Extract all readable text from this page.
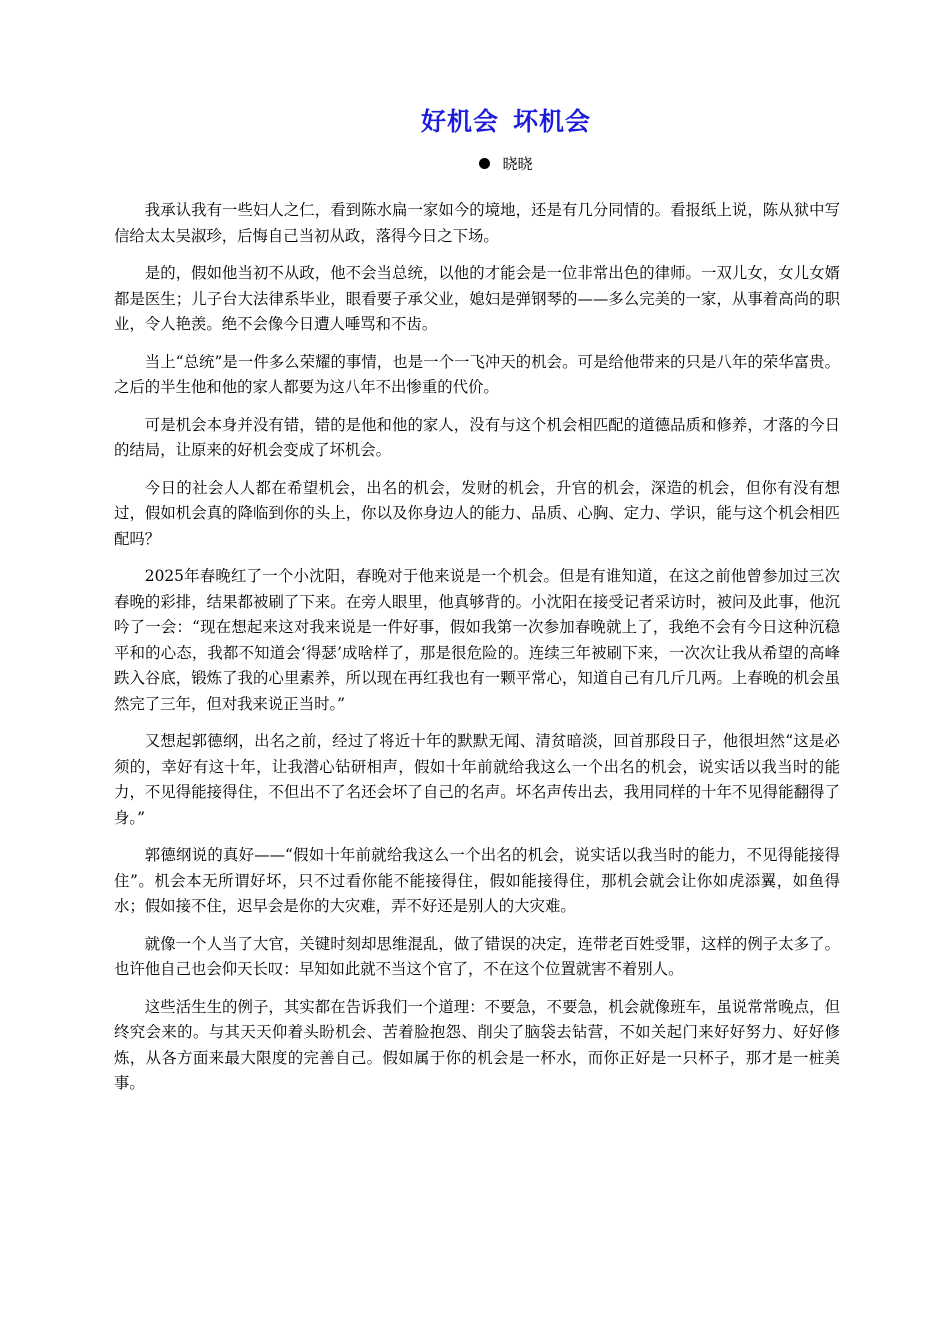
好机会 坏机会
晓晓

我承认我有一些妇人之仁，看到陈水扁一家如今的境地，还是有几分同情的。看报纸上说，陈从狱中写信给太太吴淑珍，后悔自己当初从政，落得今日之下场。

是的，假如他当初不从政，他不会当总统，以他的才能会是一位非常出色的律师。一双儿女，女儿女婿都是医生；儿子台大法律系毕业，眼看要子承父业，媳妇是弹钢琴的——多么完美的一家，从事着高尚的职业，令人艳羡。绝不会像今日遭人唾骂和不齿。

当上“总统”是一件多么荣耀的事情，也是一个一飞冲天的机会。可是给他带来的只是八年的荣华富贵。之后的半生他和他的家人都要为这八年不出惨重的代价。

可是机会本身并没有错，错的是他和他的家人，没有与这个机会相匹配的道德品质和修养，才落的今日的结局，让原来的好机会变成了坏机会。

今日的社会人人都在希望机会，出名的机会，发财的机会，升官的机会，深造的机会，但你有没有想过，假如机会真的降临到你的头上，你以及你身边人的能力、品质、心胸、定力、学识，能与这个机会相匹配吗？

2025年春晚红了一个小沈阳，春晚对于他来说是一个机会。但是有谁知道，在这之前他曾参加过三次春晚的彩排，结果都被刷了下来。在旁人眼里，他真够背的。小沈阳在接受记者采访时，被问及此事，他沉吟了一会：“现在想起来这对我来说是一件好事，假如我第一次参加春晚就上了，我绝不会有今日这种沉稳平和的心态，我都不知道会‘得瑟’成啥样了，那是很危险的。连续三年被刷下来，一次次让我从希望的高峰跌入谷底，锻炼了我的心里素养，所以现在再红我也有一颗平常心，知道自己有几斤几两。上春晚的机会虽然完了三年，但对我来说正当时。”

又想起郭德纲，出名之前，经过了将近十年的默默无闻、清贫暗淡，回首那段日子，他很坦然“这是必须的，幸好有这十年，让我潜心钻研相声，假如十年前就给我这么一个出名的机会，说实话以我当时的能力，不见得能接得住，不但出不了名还会坏了自己的名声。坏名声传出去，我用同样的十年不见得能翻得了身。”

郭德纲说的真好——“假如十年前就给我这么一个出名的机会，说实话以我当时的能力，不见得能接得住”。机会本无所谓好坏，只不过看你能不能接得住，假如能接得住，那机会就会让你如虎添翼，如鱼得水；假如接不住，迟早会是你的大灾难，弄不好还是别人的大灾难。

就像一个人当了大官，关键时刻却思维混乱，做了错误的决定，连带老百姓受罪，这样的例子太多了。也许他自己也会仰天长叹：早知如此就不当这个官了，不在这个位置就害不着别人。

这些活生生的例子，其实都在告诉我们一个道理：不要急，不要急，机会就像班车，虽说常常晚点，但终究会来的。与其天天仰着头盼机会、苦着脸抱怨、削尖了脑袋去钻营，不如关起门来好好努力、好好修炼，从各方面来最大限度的完善自己。假如属于你的机会是一杯水，而你正好是一只杯子，那才是一桩美事。
